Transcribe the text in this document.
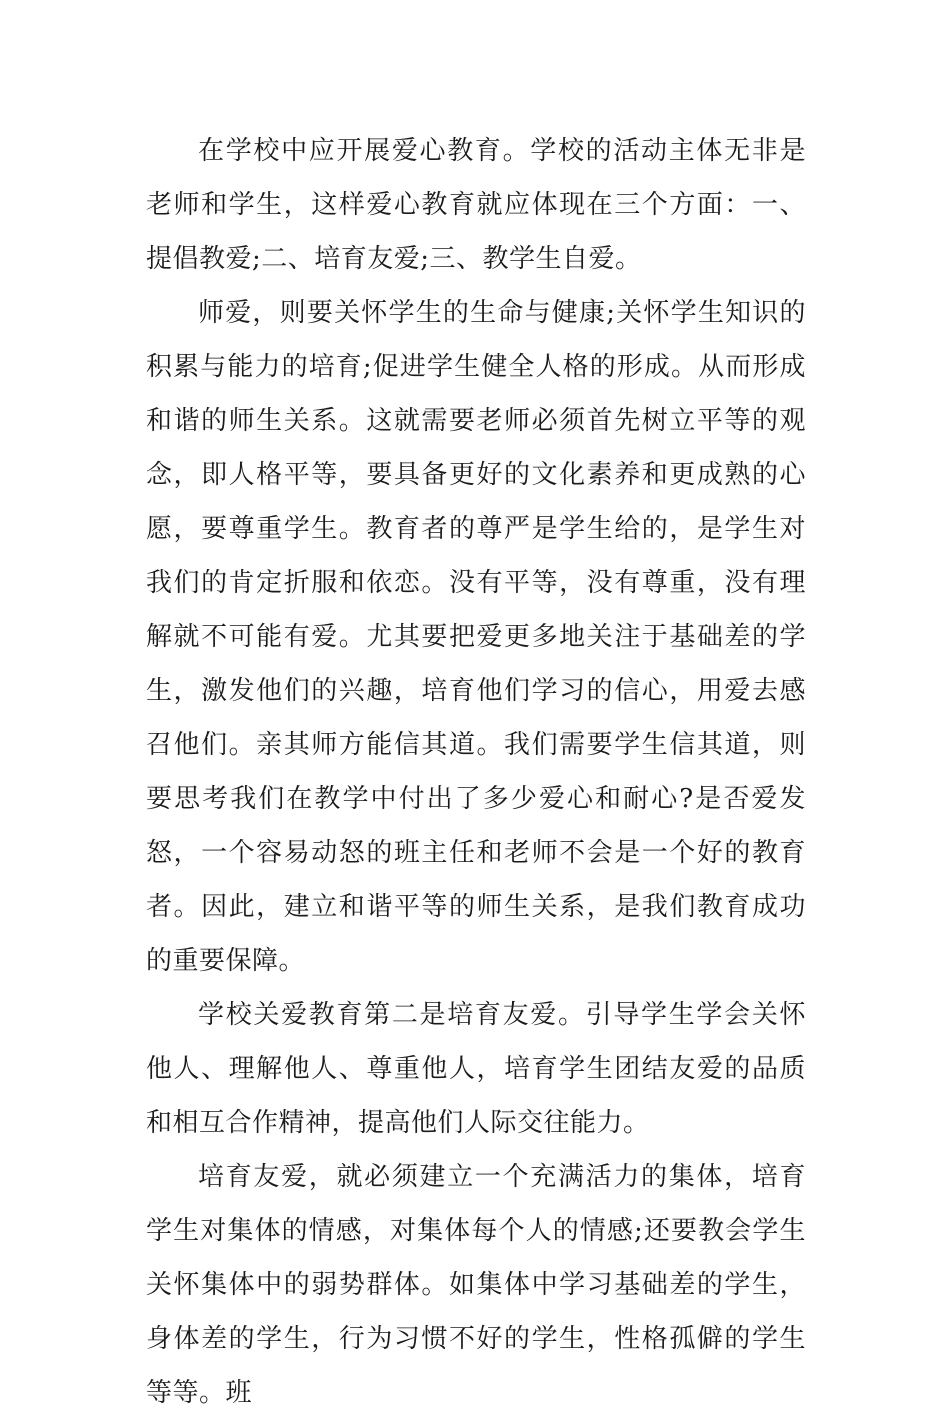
在学校中应开展爱心教育。学校的活动主体无非是老师和学生，这样爱心教育就应体现在三个方面：一、提倡教爱;二、培育友爱;三、教学生自爱。

师爱，则要关怀学生的生命与健康;关怀学生知识的积累与能力的培育;促进学生健全人格的形成。从而形成和谐的师生关系。这就需要老师必须首先树立平等的观念，即人格平等，要具备更好的文化素养和更成熟的心愿，要尊重学生。教育者的尊严是学生给的，是学生对我们的肯定折服和依恋。没有平等，没有尊重，没有理解就不可能有爱。尤其要把爱更多地关注于基础差的学生，激发他们的兴趣，培育他们学习的信心，用爱去感召他们。亲其师方能信其道。我们需要学生信其道，则要思考我们在教学中付出了多少爱心和耐心?是否爱发怒，一个容易动怒的班主任和老师不会是一个好的教育者。因此，建立和谐平等的师生关系，是我们教育成功的重要保障。

学校关爱教育第二是培育友爱。引导学生学会关怀他人、理解他人、尊重他人，培育学生团结友爱的品质和相互合作精神，提高他们人际交往能力。

培育友爱，就必须建立一个充满活力的集体，培育学生对集体的情感，对集体每个人的情感;还要教会学生关怀集体中的弱势群体。如集体中学习基础差的学生，身体差的学生，行为习惯不好的学生，性格孤僻的学生等等。班
